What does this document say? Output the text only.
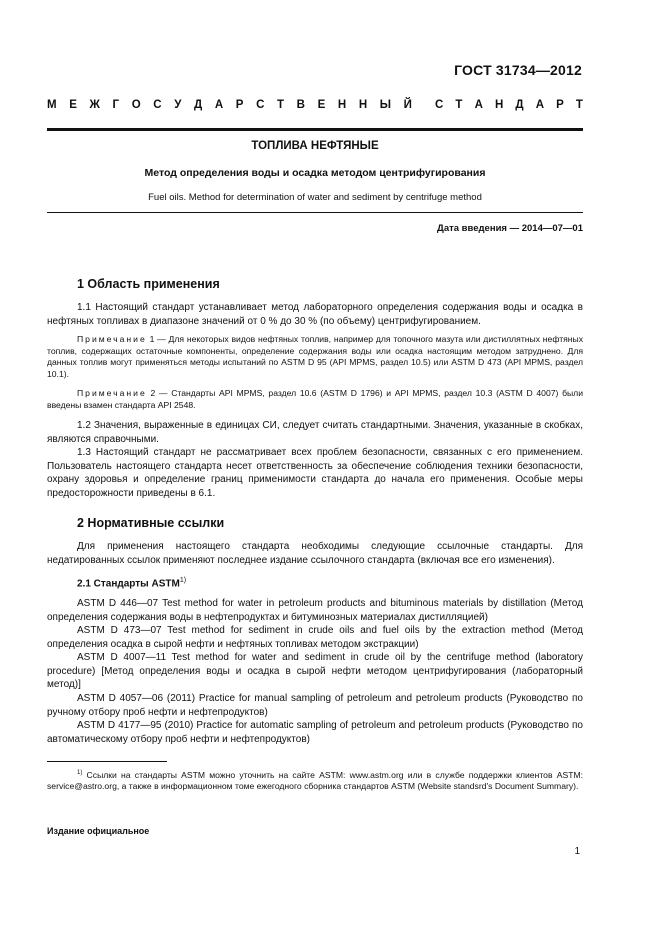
ГОСТ 31734—2012
М Е Ж Г О С У Д А Р С Т В Е Н Н Ы Й С Т А Н Д А Р Т
ТОПЛИВА НЕФТЯНЫЕ
Метод определения воды и осадка методом центрифугирования
Fuel oils. Method for determination of water and sediment by centrifuge method
Дата введения — 2014—07—01
1 Область применения
1.1 Настоящий стандарт устанавливает метод лабораторного определения содержания воды и осадка в нефтяных топливах в диапазоне значений от 0 % до 30 % (по объему) центрифугированием.
Примечание 1 — Для некоторых видов нефтяных топлив, например для топочного мазута или дистиллятных нефтяных топлив, содержащих остаточные компоненты, определение содержания воды или осадка настоящим методом затруднено. Для данных топлив могут применяться методы испытаний по ASTM D 95 (API MPMS, раздел 10.5) или ASTM D 473 (API MPMS, раздел 10.1).
Примечание 2 — Стандарты API MPMS, раздел 10.6 (ASTM D 1796) и API MPMS, раздел 10.3 (ASTM D 4007) были введены взамен стандарта API 2548.
1.2 Значения, выраженные в единицах СИ, следует считать стандартными. Значения, указанные в скобках, являются справочными.
1.3 Настоящий стандарт не рассматривает всех проблем безопасности, связанных с его применением. Пользователь настоящего стандарта несет ответственность за обеспечение соблюдения техники безопасности, охрану здоровья и определение границ применимости стандарта до начала его применения. Особые меры предосторожности приведены в 6.1.
2 Нормативные ссылки
Для применения настоящего стандарта необходимы следующие ссылочные стандарты. Для недатированных ссылок применяют последнее издание ссылочного стандарта (включая все его изменения).
2.1 Стандарты ASTM$^{1)}$
ASTM D 446—07 Test method for water in petroleum products and bituminous materials by distillation (Метод определения содержания воды в нефтепродуктах и битуминозных материалах дистилляцией)
ASTM D 473—07 Test method for sediment in crude oils and fuel oils by the extraction method (Метод определения осадка в сырой нефти и нефтяных топливах методом экстракции)
ASTM D 4007—11 Test method for water and sediment in crude oil by the centrifuge method (laboratory procedure) [Метод определения воды и осадка в сырой нефти методом центрифугирования (лабораторный метод)]
ASTM D 4057—06 (2011) Practice for manual sampling of petroleum and petroleum products (Руководство по ручному отбору проб нефти и нефтепродуктов)
ASTM D 4177—95 (2010) Practice for automatic sampling of petroleum and petroleum products (Руководство по автоматическому отбору проб нефти и нефтепродуктов)
$^{1)}$ Ссылки на стандарты ASTM можно уточнить на сайте ASTM: www.astm.org или в службе поддержки клиентов ASTM: service@astro.org, а также в информационном томе ежегодного сборника стандартов ASTM (Website standsrd's Document Summary).
Издание официальное
1
